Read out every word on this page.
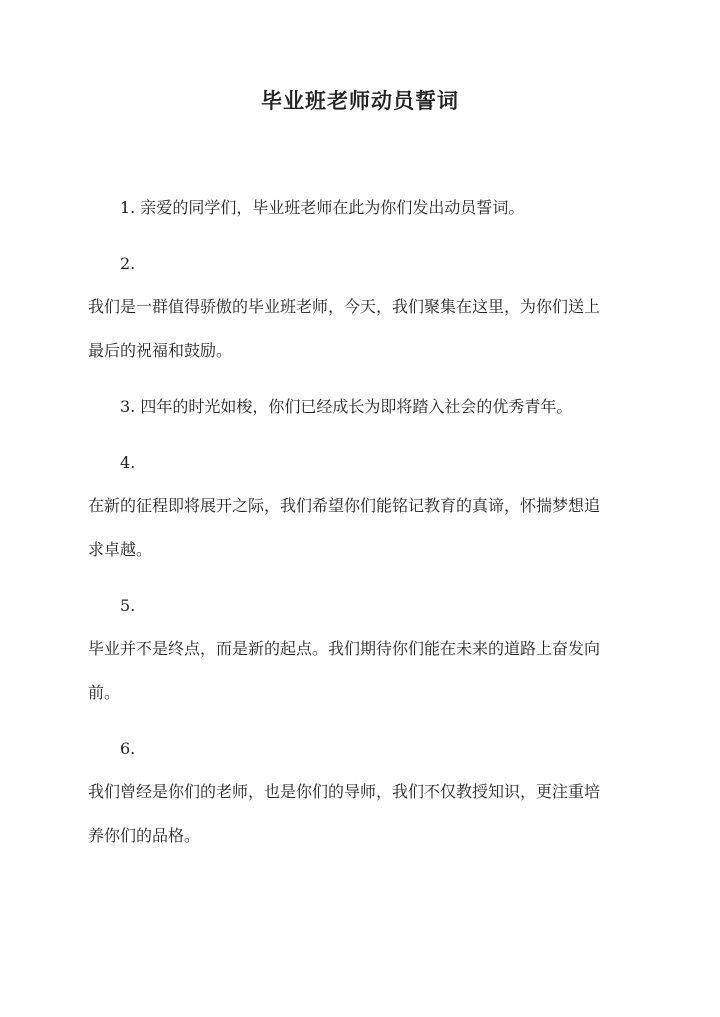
毕业班老师动员誓词
1. 亲爱的同学们，毕业班老师在此为你们发出动员誓词。
2.
我们是一群值得骄傲的毕业班老师，今天，我们聚集在这里，为你们送上
最后的祝福和鼓励。
3. 四年的时光如梭，你们已经成长为即将踏入社会的优秀青年。
4.
在新的征程即将展开之际，我们希望你们能铭记教育的真谛，怀揣梦想追
求卓越。
5.
毕业并不是终点，而是新的起点。我们期待你们能在未来的道路上奋发向
前。
6.
我们曾经是你们的老师，也是你们的导师，我们不仅教授知识，更注重培
养你们的品格。
